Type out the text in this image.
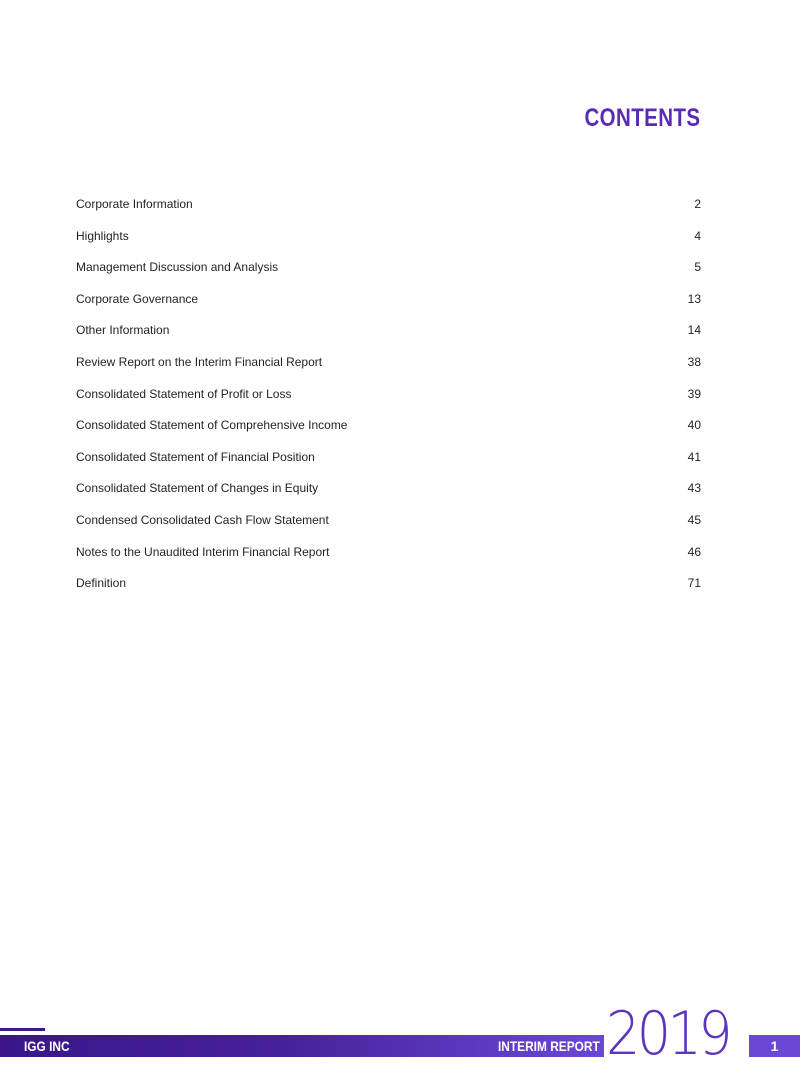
CONTENTS
Corporate Information	2
Highlights	4
Management Discussion and Analysis	5
Corporate Governance	13
Other Information	14
Review Report on the Interim Financial Report	38
Consolidated Statement of Profit or Loss	39
Consolidated Statement of Comprehensive Income	40
Consolidated Statement of Financial Position	41
Consolidated Statement of Changes in Equity	43
Condensed Consolidated Cash Flow Statement	45
Notes to the Unaudited Interim Financial Report	46
Definition	71
IGG INC	INTERIM REPORT 2019	1
